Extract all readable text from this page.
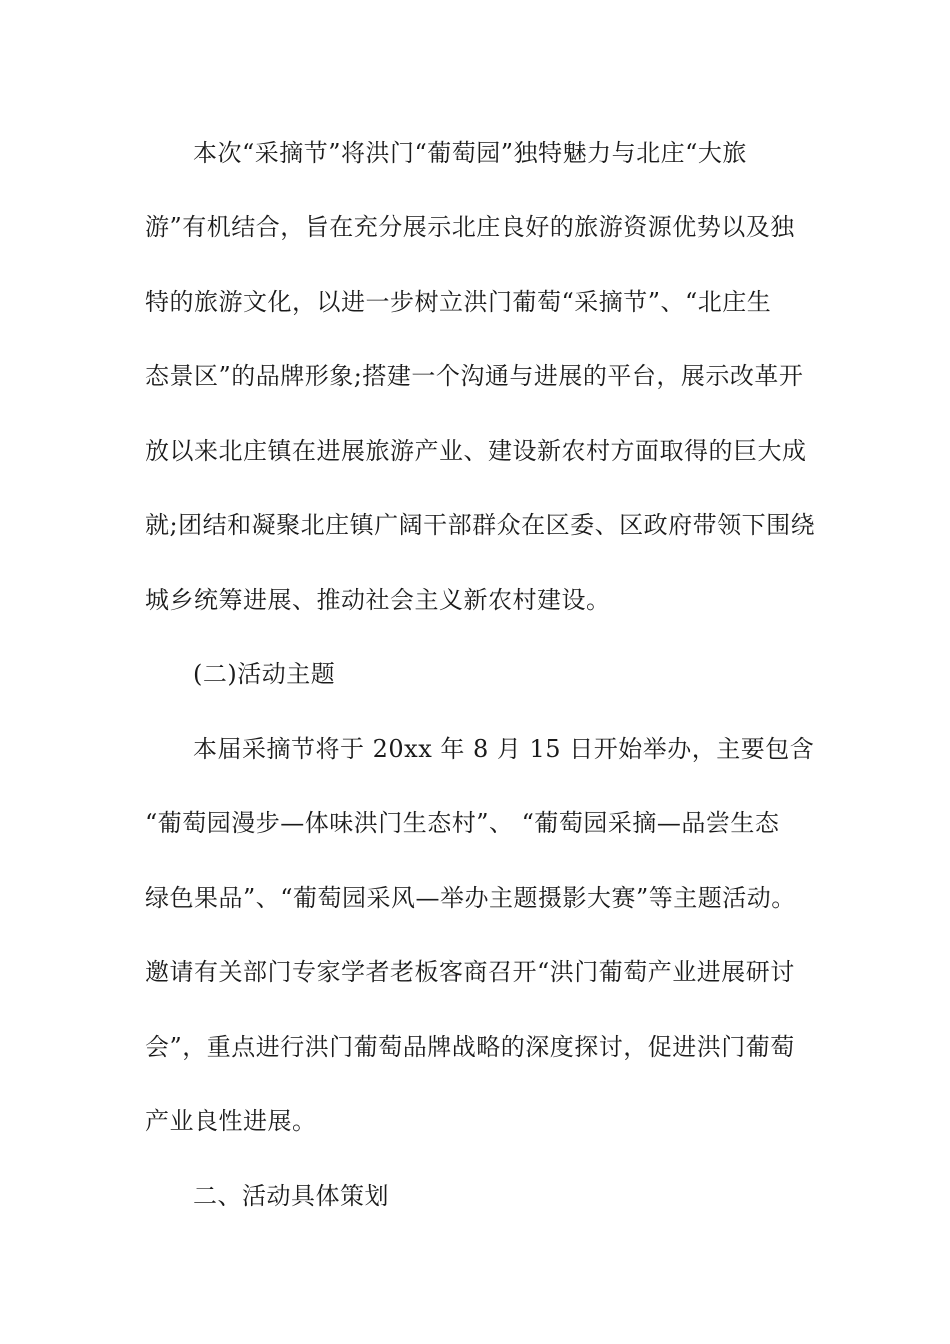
本次“采摘节”将洪门“葡萄园”独特魅力与北庄“大旅
游”有机结合，旨在充分展示北庄良好的旅游资源优势以及独
特的旅游文化，以进一步树立洪门葡萄“采摘节”、“北庄生
态景区”的品牌形象;搭建一个沟通与进展的平台，展示改革开
放以来北庄镇在进展旅游产业、建设新农村方面取得的巨大成
就;团结和凝聚北庄镇广阔干部群众在区委、区政府带领下围绕
城乡统筹进展、推动社会主义新农村建设。
(二)活动主题
本届采摘节将于 20xx 年 8 月 15 日开始举办，主要包含
“葡萄园漫步—体味洪门生态村”、 “葡萄园采摘—品尝生态
绿色果品”、“葡萄园采风—举办主题摄影大赛”等主题活动。
邀请有关部门专家学者老板客商召开“洪门葡萄产业进展研讨
会”，重点进行洪门葡萄品牌战略的深度探讨，促进洪门葡萄
产业良性进展。
二、活动具体策划
